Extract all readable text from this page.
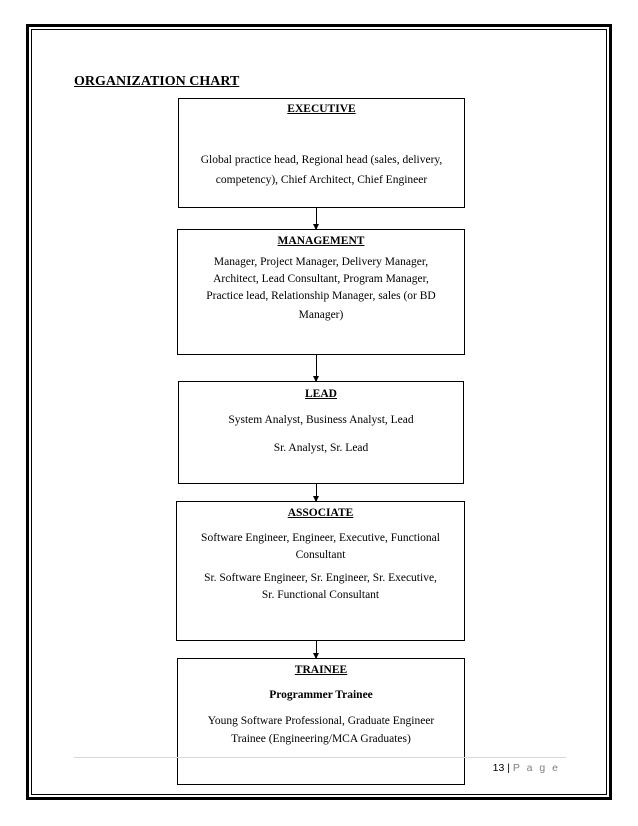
ORGANIZATION CHART

EXECUTIVE

Global practice head, Regional head (sales, delivery,

competency), Chief Architect, Chief Engineer

MANAGEMENT

Manager, Project Manager, Delivery Manager,

Architect, Lead Consultant, Program Manager,

Practice lead, Relationship Manager, sales (or BD

Manager)

LEAD

System Analyst, Business Analyst, Lead

Sr. Analyst, Sr. Lead

ASSOCIATE

Software Engineer, Engineer, Executive, Functional

Consultant

Sr. Software Engineer, Sr. Engineer, Sr. Executive,

Sr. Functional Consultant

TRAINEE

Programmer Trainee

Young Software Professional, Graduate Engineer

Trainee (Engineering/MCA Graduates)

13 | P a g e
